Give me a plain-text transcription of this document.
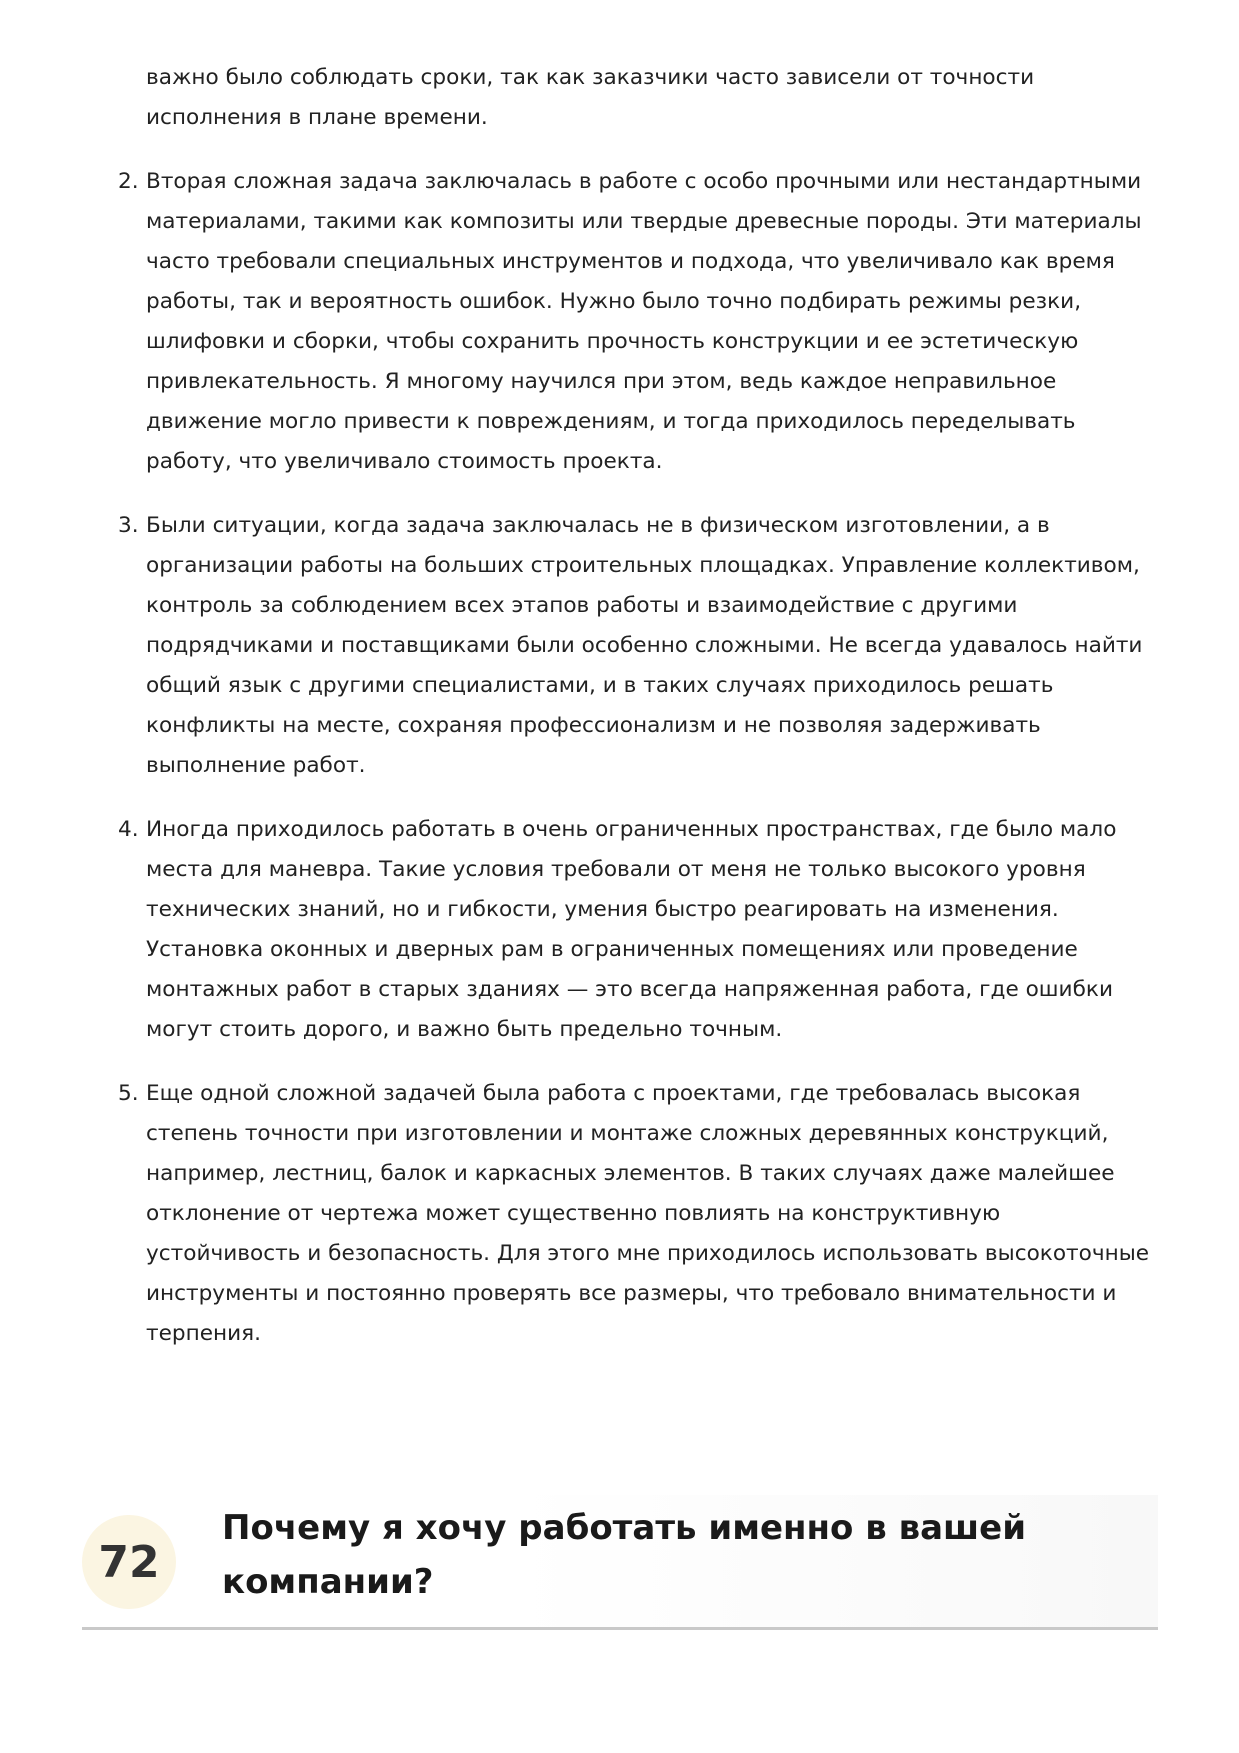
важно было соблюдать сроки, так как заказчики часто зависели от точности исполнения в плане времени.

2. Вторая сложная задача заключалась в работе с особо прочными или нестандартными материалами, такими как композиты или твердые древесные породы. Эти материалы часто требовали специальных инструментов и подхода, что увеличивало как время работы, так и вероятность ошибок. Нужно было точно подбирать режимы резки, шлифовки и сборки, чтобы сохранить прочность конструкции и ее эстетическую привлекательность. Я многому научился при этом, ведь каждое неправильное движение могло привести к повреждениям, и тогда приходилось переделывать работу, что увеличивало стоимость проекта.
3. Были ситуации, когда задача заключалась не в физическом изготовлении, а в организации работы на больших строительных площадках. Управление коллективом, контроль за соблюдением всех этапов работы и взаимодействие с другими подрядчиками и поставщиками были особенно сложными. Не всегда удавалось найти общий язык с другими специалистами, и в таких случаях приходилось решать конфликты на месте, сохраняя профессионализм и не позволяя задерживать выполнение работ.
4. Иногда приходилось работать в очень ограниченных пространствах, где было мало места для маневра. Такие условия требовали от меня не только высокого уровня технических знаний, но и гибкости, умения быстро реагировать на изменения. Установка оконных и дверных рам в ограниченных помещениях или проведение монтажных работ в старых зданиях — это всегда напряженная работа, где ошибки могут стоить дорого, и важно быть предельно точным.
5. Еще одной сложной задачей была работа с проектами, где требовалась высокая степень точности при изготовлении и монтаже сложных деревянных конструкций, например, лестниц, балок и каркасных элементов. В таких случаях даже малейшее отклонение от чертежа может существенно повлиять на конструктивную устойчивость и безопасность. Для этого мне приходилось использовать высокоточные инструменты и постоянно проверять все размеры, что требовало внимательности и терпения.
72
Почему я хочу работать именно в вашей компании?
